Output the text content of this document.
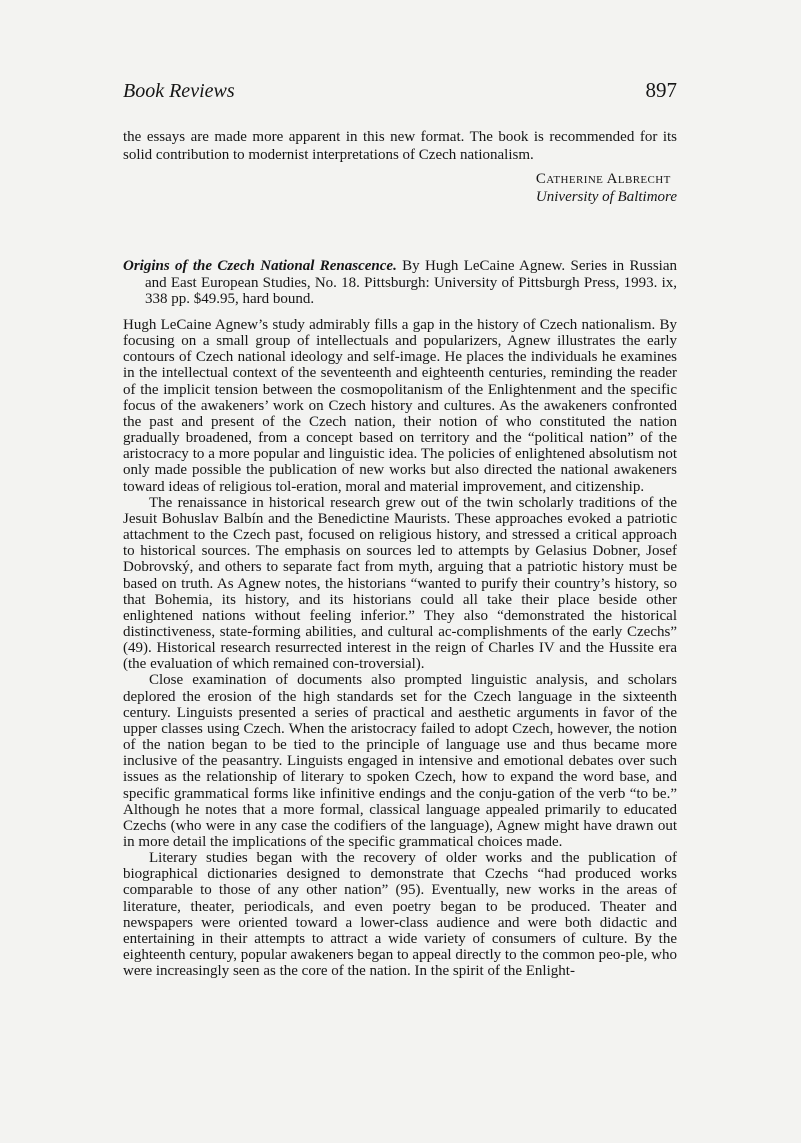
Book Reviews	897
the essays are made more apparent in this new format. The book is recommended for its solid contribution to modernist interpretations of Czech nationalism.
Catherine Albrecht
University of Baltimore
Origins of the Czech National Renascence. By Hugh LeCaine Agnew. Series in Russian and East European Studies, No. 18. Pittsburgh: University of Pittsburgh Press, 1993. ix, 338 pp. $49.95, hard bound.

Hugh LeCaine Agnew’s study admirably fills a gap in the history of Czech nationalism. By focusing on a small group of intellectuals and popularizers, Agnew illustrates the early contours of Czech national ideology and self-image. He places the individuals he examines in the intellectual context of the seventeenth and eighteenth centuries, reminding the reader of the implicit tension between the cosmopolitanism of the Enlightenment and the specific focus of the awakeners’ work on Czech history and cultures. As the awakeners confronted the past and present of the Czech nation, their notion of who constituted the nation gradually broadened, from a concept based on territory and the “political nation” of the aristocracy to a more popular and linguistic idea. The policies of enlightened absolutism not only made possible the publication of new works but also directed the national awakeners toward ideas of religious tol-eration, moral and material improvement, and citizenship.

The renaissance in historical research grew out of the twin scholarly traditions of the Jesuit Bohuslav Balbín and the Benedictine Maurists. These approaches evoked a patriotic attachment to the Czech past, focused on religious history, and stressed a critical approach to historical sources. The emphasis on sources led to attempts by Gelasius Dobner, Josef Dobrovský, and others to separate fact from myth, arguing that a patriotic history must be based on truth. As Agnew notes, the historians “wanted to purify their country’s history, so that Bohemia, its history, and its historians could all take their place beside other enlightened nations without feeling inferior.” They also “demonstrated the historical distinctiveness, state-forming abilities, and cultural ac-complishments of the early Czechs” (49). Historical research resurrected interest in the reign of Charles IV and the Hussite era (the evaluation of which remained con-troversial).

Close examination of documents also prompted linguistic analysis, and scholars deplored the erosion of the high standards set for the Czech language in the sixteenth century. Linguists presented a series of practical and aesthetic arguments in favor of the upper classes using Czech. When the aristocracy failed to adopt Czech, however, the notion of the nation began to be tied to the principle of language use and thus became more inclusive of the peasantry. Linguists engaged in intensive and emotional debates over such issues as the relationship of literary to spoken Czech, how to expand the word base, and specific grammatical forms like infinitive endings and the conju-gation of the verb “to be.” Although he notes that a more formal, classical language appealed primarily to educated Czechs (who were in any case the codifiers of the language), Agnew might have drawn out in more detail the implications of the specific grammatical choices made.

Literary studies began with the recovery of older works and the publication of biographical dictionaries designed to demonstrate that Czechs “had produced works comparable to those of any other nation” (95). Eventually, new works in the areas of literature, theater, periodicals, and even poetry began to be produced. Theater and newspapers were oriented toward a lower-class audience and were both didactic and entertaining in their attempts to attract a wide variety of consumers of culture. By the eighteenth century, popular awakeners began to appeal directly to the common peo-ple, who were increasingly seen as the core of the nation. In the spirit of the Enlight-
